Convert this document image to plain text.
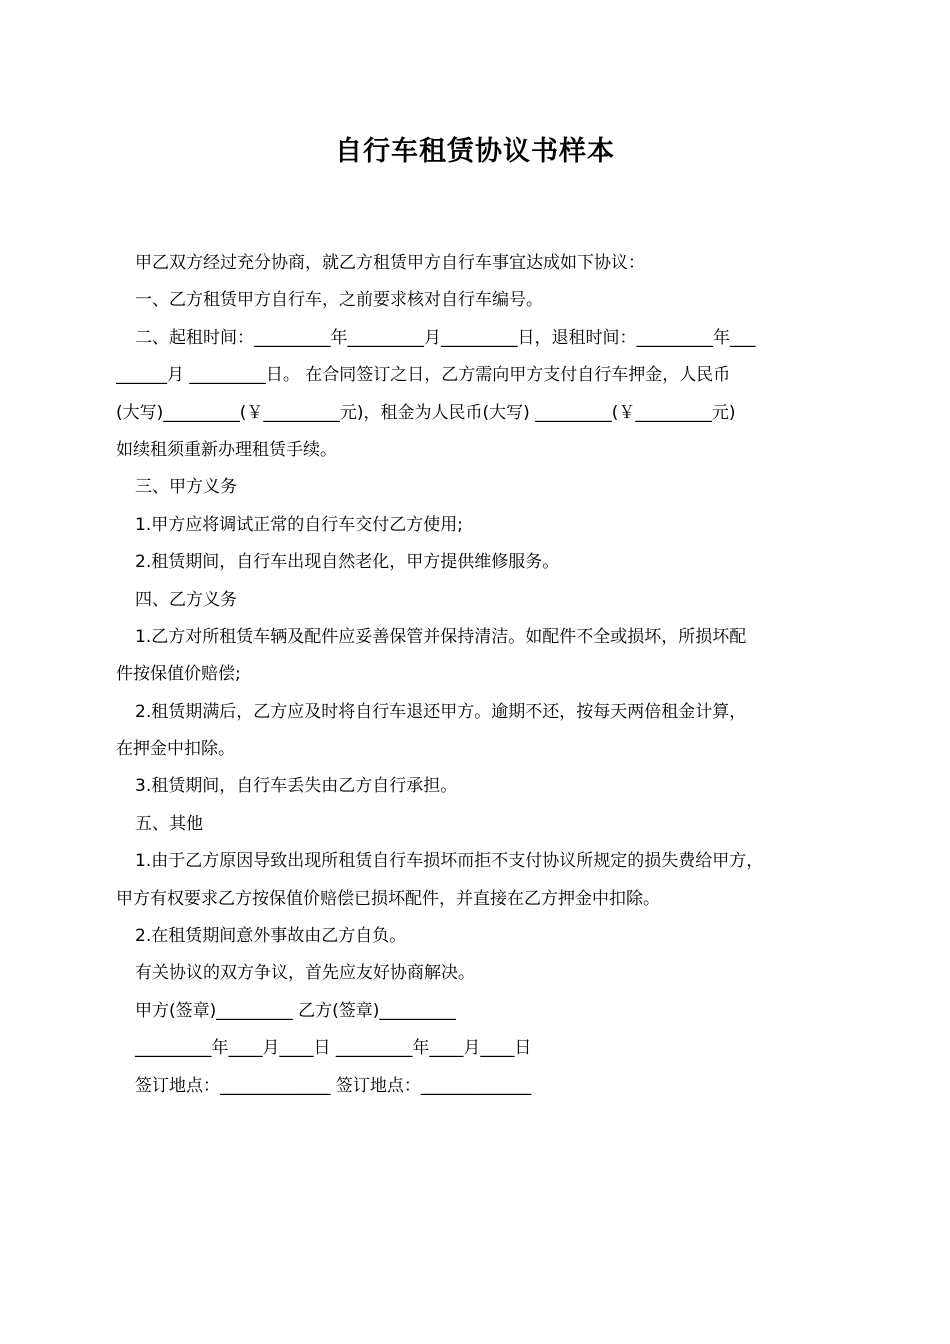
自行车租赁协议书样本
甲乙双方经过充分协商，就乙方租赁甲方自行车事宜达成如下协议：
一、乙方租赁甲方自行车，之前要求核对自行车编号。
二、起租时间：_________年_________月_________日，退租时间：_________年___
______月 _________日。 在合同签订之日，乙方需向甲方支付自行车押金，人民币
(大写)_________(￥_________元)，租金为人民币(大写) _________(￥_________元)
如续租须重新办理租赁手续。
三、甲方义务
1.甲方应将调试正常的自行车交付乙方使用;
2.租赁期间，自行车出现自然老化，甲方提供维修服务。
四、乙方义务
1.乙方对所租赁车辆及配件应妥善保管并保持清洁。如配件不全或损坏，所损坏配
件按保值价赔偿;
2.租赁期满后，乙方应及时将自行车退还甲方。逾期不还，按每天两倍租金计算，
在押金中扣除。
3.租赁期间，自行车丢失由乙方自行承担。
五、其他
1.由于乙方原因导致出现所租赁自行车损坏而拒不支付协议所规定的损失费给甲方，
甲方有权要求乙方按保值价赔偿已损坏配件，并直接在乙方押金中扣除。
2.在租赁期间意外事故由乙方自负。
有关协议的双方争议，首先应友好协商解决。
甲方(签章)_________ 乙方(签章)_________
_________年____月____日 _________年____月____日
签订地点：_____________ 签订地点：_____________
